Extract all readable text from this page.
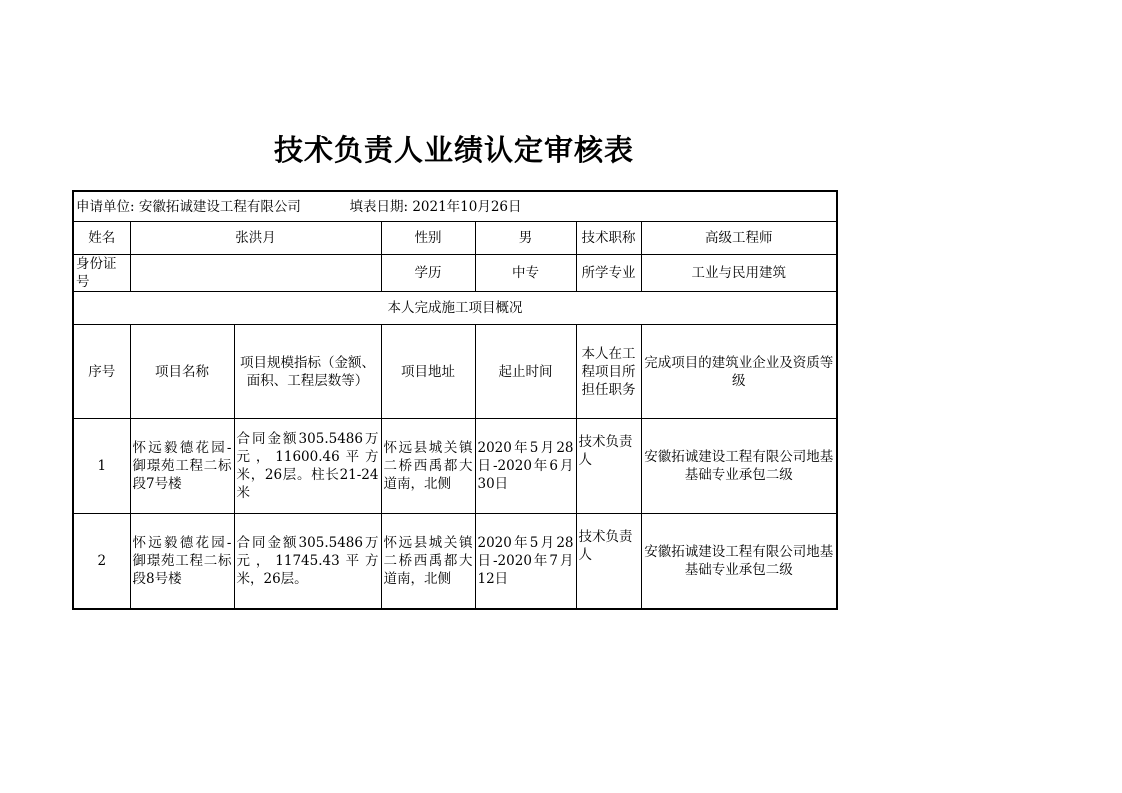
技术负责人业绩认定审核表
申请单位: 安徽拓诚建设工程有限公司 填表日期: 2021年10月26日						
姓名	张洪月		性别	男	技术职称	高级工程师
身份证号			学历	中专	所学专业	工业与民用建筑
本人完成施工项目概况						
序号	项目名称	项目规模指标（金额、面积、工程层数等）	项目地址	起止时间	本人在工程项目所担任职务	完成项目的建筑业企业及资质等级
1	怀远毅德花园-御璟苑工程二标段7号楼	合同金额305.5486万元，11600.46平方米，26层。柱长21-24米	怀远县城关镇二桥西禹都大道南，北侧	2020年5月28日-2020年6月30日	技术负责人	安徽拓诚建设工程有限公司地基基础专业承包二级
2	怀远毅德花园-御璟苑工程二标段8号楼	合同金额305.5486万元，11745.43平方米，26层。	怀远县城关镇二桥西禹都大道南，北侧	2020年5月28日-2020年7月12日	技术负责人	安徽拓诚建设工程有限公司地基基础专业承包二级
